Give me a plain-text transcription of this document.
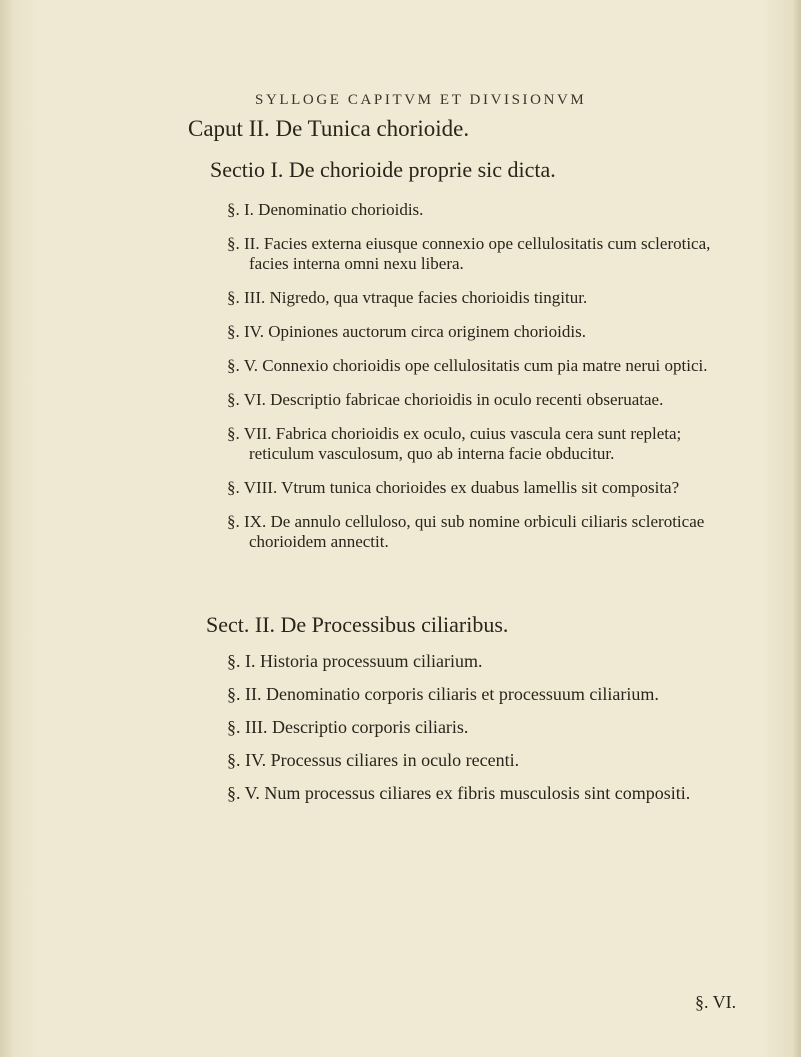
SYLLOGE CAPITVM ET DIVISIONVM
Caput II. De Tunica chorioide.
Sectio I. De chorioide proprie sic dicta.
§. I. Denominatio chorioidis.
§. II. Facies externa eiusque connexio ope cellulositatis cum sclerotica, facies interna omni nexu libera.
§. III. Nigredo, qua vtraque facies chorioidis tingitur.
§. IV. Opiniones auctorum circa originem chorioidis.
§. V. Connexio chorioidis ope cellulositatis cum pia matre nerui optici.
§. VI. Descriptio fabricae chorioidis in oculo recenti obseruatae.
§. VII. Fabrica chorioidis ex oculo, cuius vascula cera sunt repleta; reticulum vasculosum, quo ab interna facie obducitur.
§. VIII. Vtrum tunica chorioides ex duabus lamellis sit composita?
§. IX. De annulo celluloso, qui sub nomine orbiculi ciliaris scleroticae chorioidem annectit.
Sect. II. De Processibus ciliaribus.
§. I. Historia processuum ciliarium.
§. II. Denominatio corporis ciliaris et processuum ciliarium.
§. III. Descriptio corporis ciliaris.
§. IV. Processus ciliares in oculo recenti.
§. V. Num processus ciliares ex fibris musculosis sint compositi.
§. VI.
